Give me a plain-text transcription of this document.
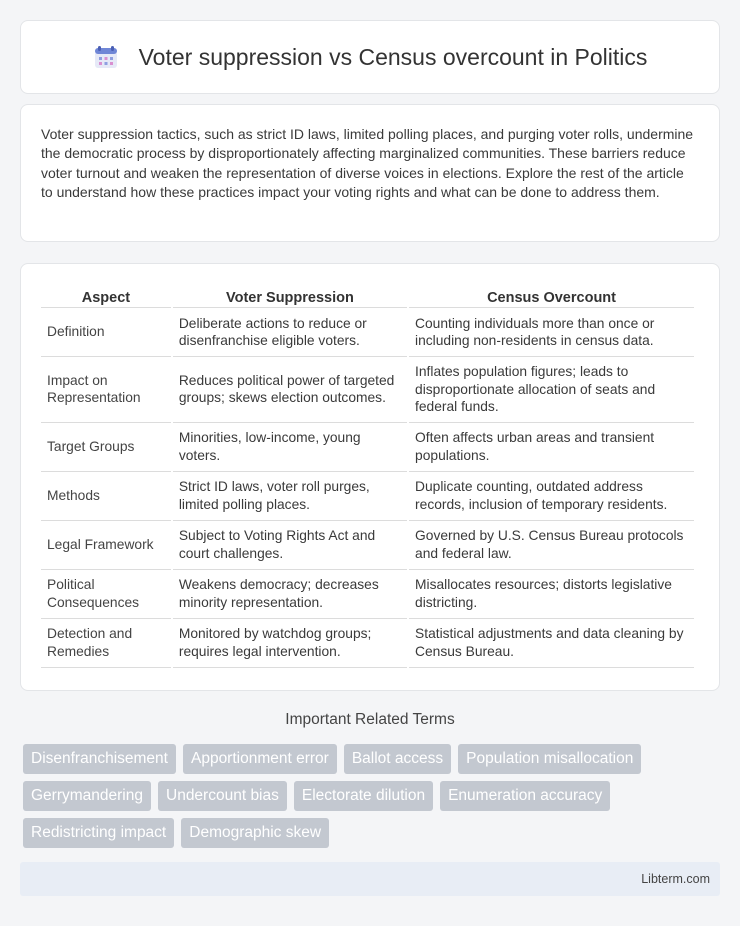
Voter suppression vs Census overcount in Politics

Voter suppression tactics, such as strict ID laws, limited polling places, and purging voter rolls, undermine the democratic process by disproportionately affecting marginalized communities. These barriers reduce voter turnout and weaken the representation of diverse voices in elections. Explore the rest of the article to understand how these practices impact your voting rights and what can be done to address them.

Aspect	Voter Suppression	Census Overcount
Definition	Deliberate actions to reduce or disenfranchise eligible voters.	Counting individuals more than once or including non-residents in census data.
Impact on Representation	Reduces political power of targeted groups; skews election outcomes.	Inflates population figures; leads to disproportionate allocation of seats and federal funds.
Target Groups	Minorities, low-income, young voters.	Often affects urban areas and transient populations.
Methods	Strict ID laws, voter roll purges, limited polling places.	Duplicate counting, outdated address records, inclusion of temporary residents.
Legal Framework	Subject to Voting Rights Act and court challenges.	Governed by U.S. Census Bureau protocols and federal law.
Political Consequences	Weakens democracy; decreases minority representation.	Misallocates resources; distorts legislative districting.
Detection and Remedies	Monitored by watchdog groups; requires legal intervention.	Statistical adjustments and data cleaning by Census Bureau.
Important Related Terms
Disenfranchisement	Apportionment error	Ballot access	Population misallocation
Gerrymandering	Undercount bias	Electorate dilution	Enumeration accuracy
Redistricting impact	Demographic skew
Libterm.com
